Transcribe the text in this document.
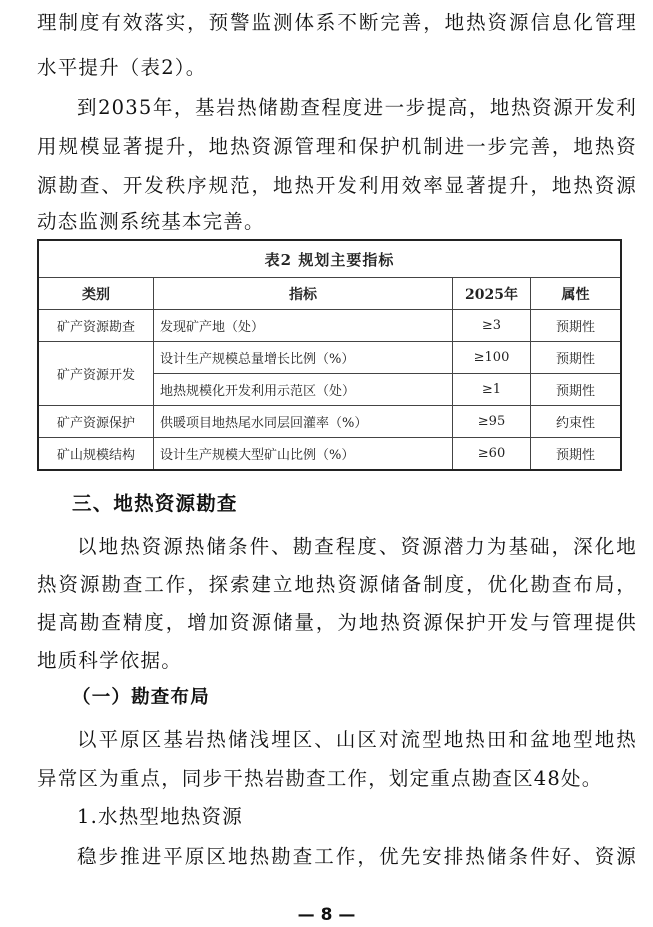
理制度有效落实，预警监测体系不断完善，地热资源信息化管理
水平提升（表2）。
到2035年，基岩热储勘查程度进一步提高，地热资源开发利
用规模显著提升，地热资源管理和保护机制进一步完善，地热资
源勘查、开发秩序规范，地热开发利用效率显著提升，地热资源
动态监测系统基本完善。
表2 规划主要指标			
类别	指标	2025年	属性
矿产资源勘查	发现矿产地（处）	≥3	预期性
矿产资源开发	设计生产规模总量增长比例（%）	≥100	预期性
	地热规模化开发利用示范区（处）	≥1	预期性
矿产资源保护	供暖项目地热尾水同层回灌率（%）	≥95	约束性
矿山规模结构	设计生产规模大型矿山比例（%）	≥60	预期性
三、地热资源勘查
以地热资源热储条件、勘查程度、资源潜力为基础，深化地
热资源勘查工作，探索建立地热资源储备制度，优化勘查布局，
提高勘查精度，增加资源储量，为地热资源保护开发与管理提供
地质科学依据。
（一）勘查布局
以平原区基岩热储浅埋区、山区对流型地热田和盆地型地热
异常区为重点，同步干热岩勘查工作，划定重点勘查区48处。
1.水热型地热资源
稳步推进平原区地热勘查工作，优先安排热储条件好、资源
— 8 —
